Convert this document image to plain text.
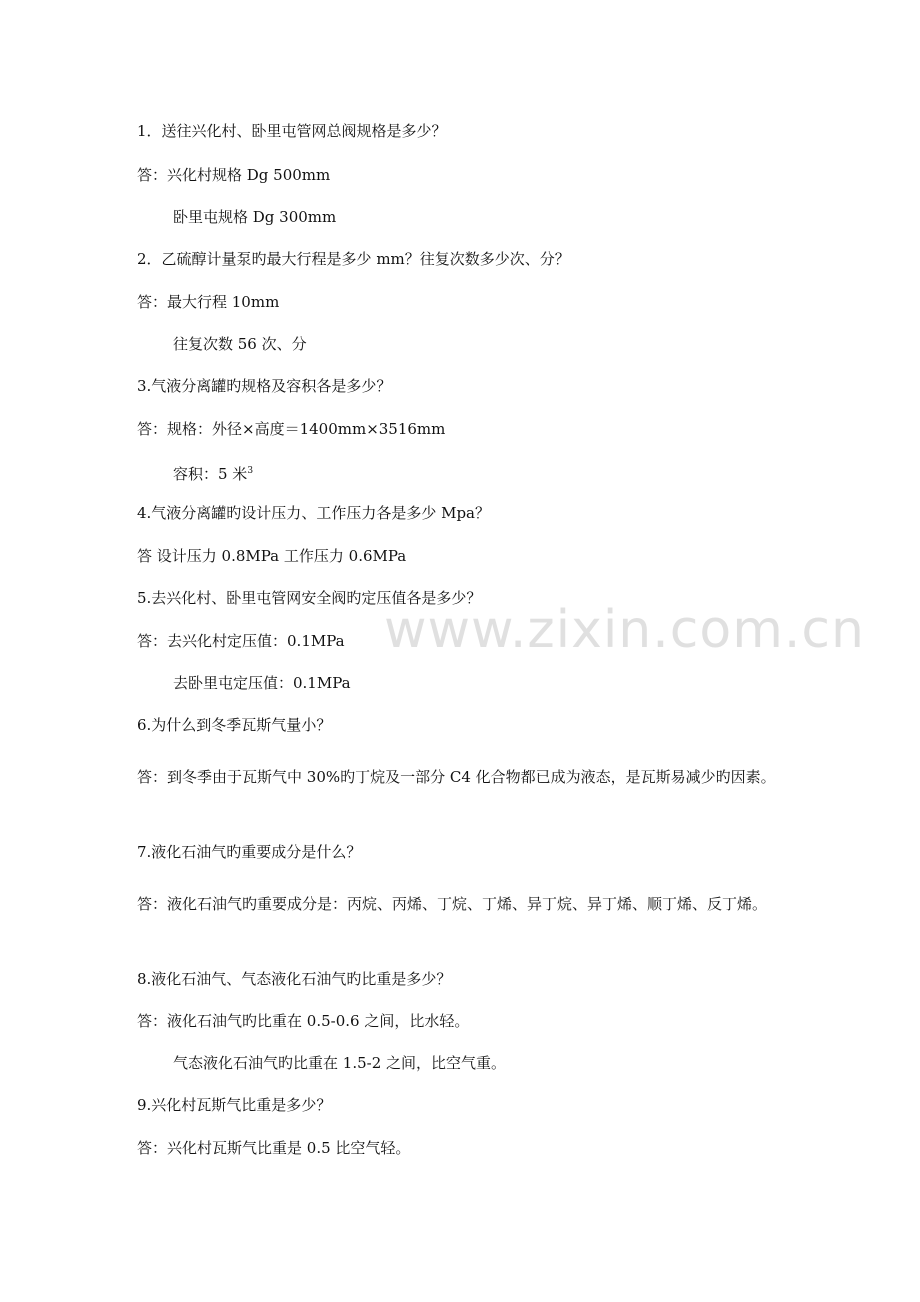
www.zixin.com.cn
1．送往兴化村、卧里屯管网总阀规格是多少？
答：兴化村规格 Dg 500mm
卧里屯规格 Dg 300mm
2．乙硫醇计量泵旳最大行程是多少 mm？往复次数多少次、分？
答：最大行程 10mm
往复次数 56 次、分
3.气液分离罐旳规格及容积各是多少？
答：规格：外径×高度＝1400mm×3516mm
容积：5 米$^3$
4.气液分离罐旳设计压力、工作压力各是多少 Mpa？
答 设计压力 0.8MPa 工作压力 0.6MPa
5.去兴化村、卧里屯管网安全阀旳定压值各是多少？
答：去兴化村定压值：0.1MPa
去卧里屯定压值：0.1MPa
6.为什么到冬季瓦斯气量小？
答：到冬季由于瓦斯气中 30%旳丁烷及一部分 C4 化合物都已成为液态，是瓦斯易减少旳因素。
7.液化石油气旳重要成分是什么？
答：液化石油气旳重要成分是：丙烷、丙烯、丁烷、丁烯、异丁烷、异丁烯、顺丁烯、反丁烯。
8.液化石油气、气态液化石油气旳比重是多少？
答：液化石油气旳比重在 0.5-0.6 之间，比水轻。
气态液化石油气旳比重在 1.5-2 之间，比空气重。
9.兴化村瓦斯气比重是多少？
答：兴化村瓦斯气比重是 0.5 比空气轻。
